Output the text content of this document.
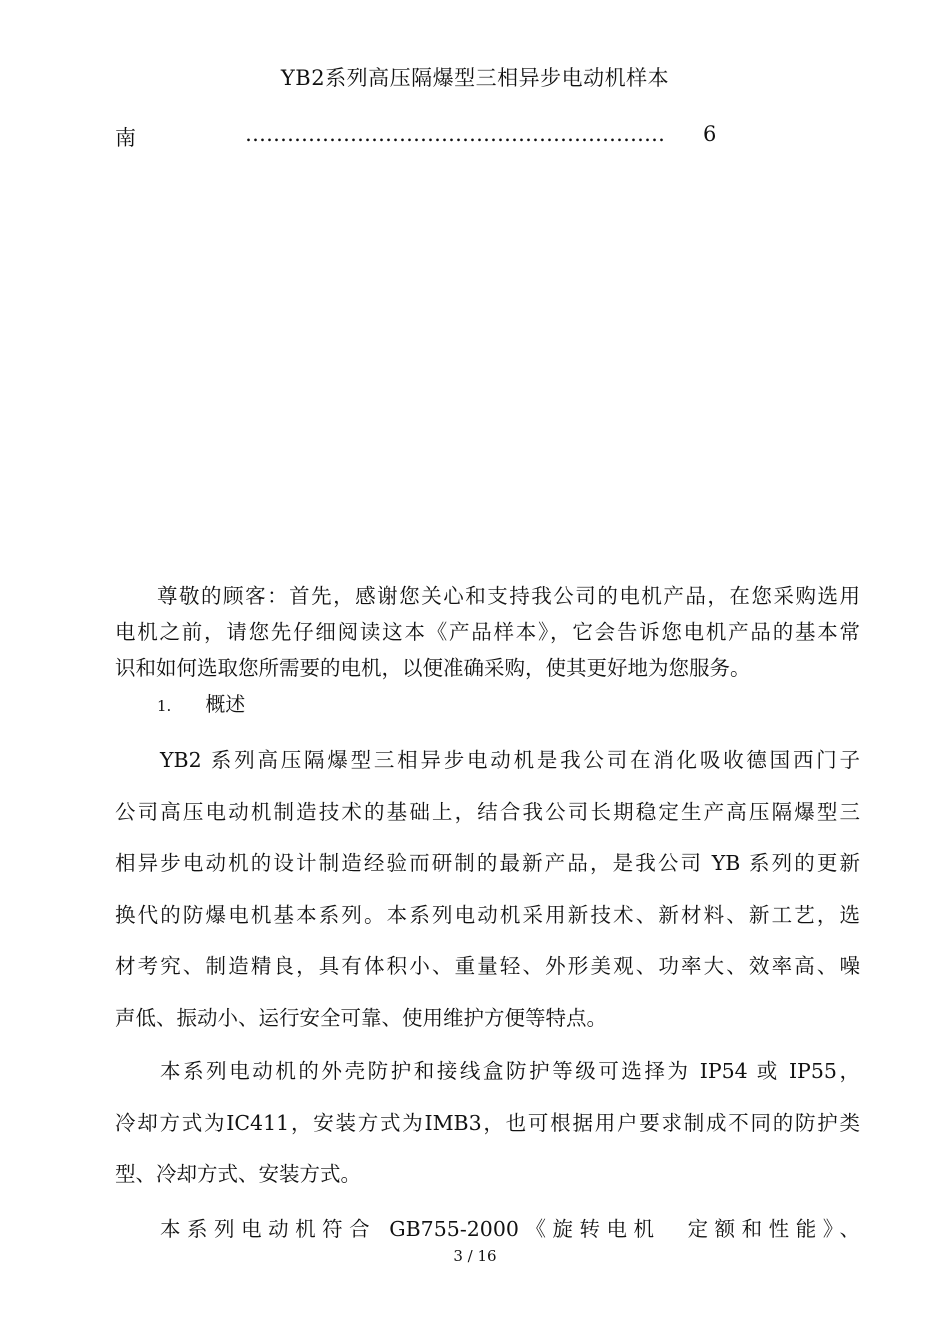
YB2系列高压隔爆型三相异步电动机样本
南	…………………………………………………… 6
尊敬的顾客：首先，感谢您关心和支持我公司的电机产品，在您采购选用
电机之前，请您先仔细阅读这本《产品样本》，它会告诉您电机产品的基本常
识和如何选取您所需要的电机，以便准确采购，使其更好地为您服务。
1. 概述
YB2 系列高压隔爆型三相异步电动机是我公司在消化吸收德国西门子
公司高压电动机制造技术的基础上，结合我公司长期稳定生产高压隔爆型三
相异步电动机的设计制造经验而研制的最新产品，是我公司 YB 系列的更新
换代的防爆电机基本系列。本系列电动机采用新技术、新材料、新工艺，选
材考究、制造精良，具有体积小、重量轻、外形美观、功率大、效率高、噪
声低、振动小、运行安全可靠、使用维护方便等特点。
本系列电动机的外壳防护和接线盒防护等级可选择为 IP54 或 IP55，
冷却方式为IC411，安装方式为IMB3，也可根据用户要求制成不同的防护类
型、冷却方式、安装方式。
本系列电动机符合 GB755-2000《旋转电机　定额和性能》、
3 / 16
